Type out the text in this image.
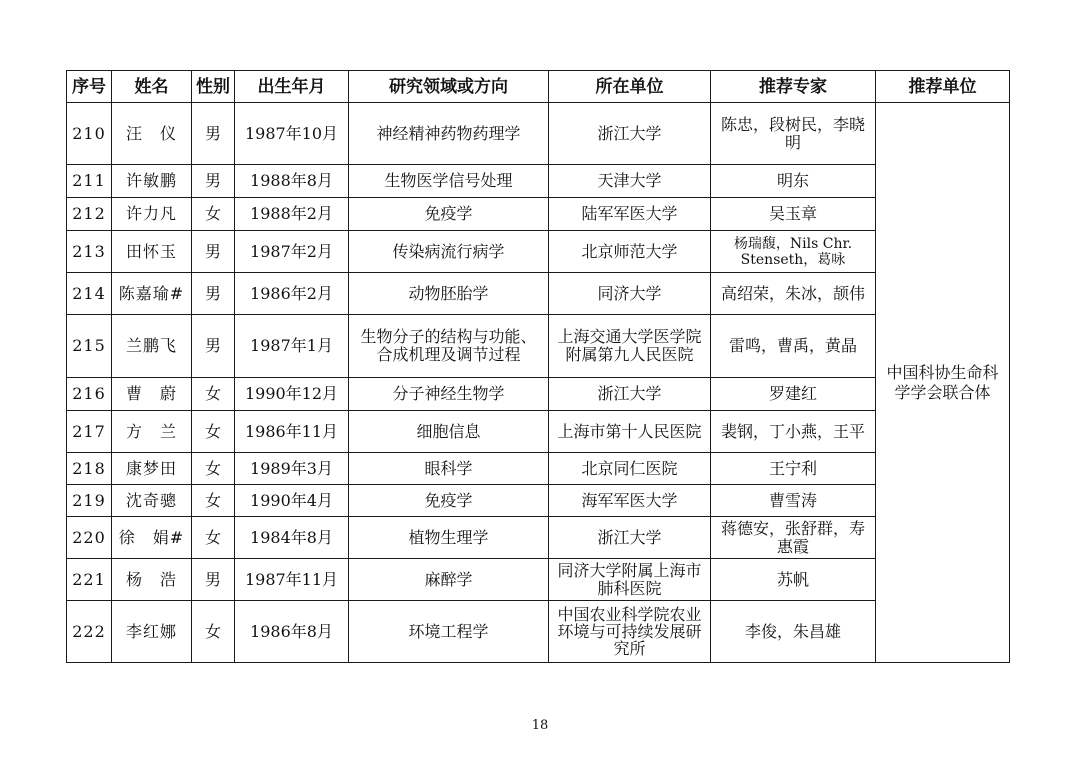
序号	姓名	性别	出生年月	研究领域或方向	所在单位	推荐专家	推荐单位
210	汪　仪	男	1987年10月	神经精神药物药理学	浙江大学	陈忠，段树民，李晓明	中国科协生命科学学会联合体
211	许敏鹏	男	1988年8月	生物医学信号处理	天津大学	明东	
212	许力凡	女	1988年2月	免疫学	陆军军医大学	吴玉章	
213	田怀玉	男	1987年2月	传染病流行病学	北京师范大学	杨瑞馥，Nils Chr. Stenseth，葛咏	
214	陈嘉瑜#	男	1986年2月	动物胚胎学	同济大学	高绍荣，朱冰，颉伟	
215	兰鹏飞	男	1987年1月	生物分子的结构与功能、合成机理及调节过程	上海交通大学医学院附属第九人民医院	雷鸣，曹禹，黄晶	
216	曹　蔚	女	1990年12月	分子神经生物学	浙江大学	罗建红	
217	方　兰	女	1986年11月	细胞信息	上海市第十人民医院	裴钢，丁小燕，王平	
218	康梦田	女	1989年3月	眼科学	北京同仁医院	王宁利	
219	沈奇骢	女	1990年4月	免疫学	海军军医大学	曹雪涛	
220	徐　娟#	女	1984年8月	植物生理学	浙江大学	蒋德安，张舒群，寿惠霞	
221	杨　浩	男	1987年11月	麻醉学	同济大学附属上海市肺科医院	苏帆	
222	李红娜	女	1986年8月	环境工程学	中国农业科学院农业环境与可持续发展研究所	李俊，朱昌雄	
18
